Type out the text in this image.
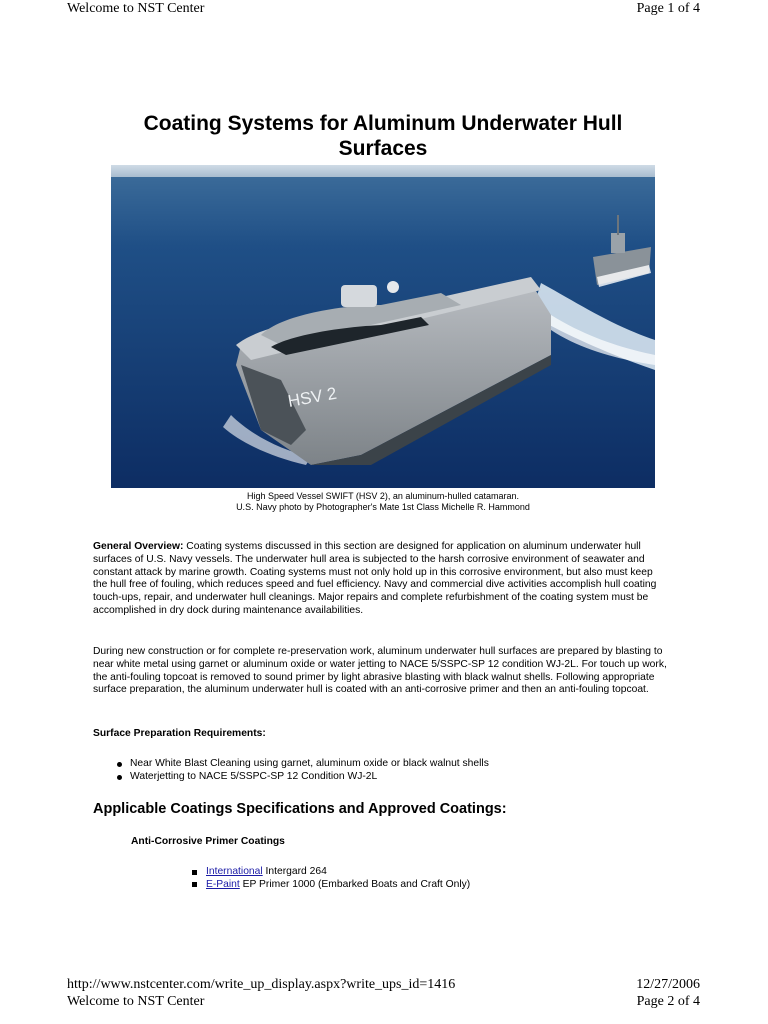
Welcome to NST Center	Page 1 of 4
Coating Systems for Aluminum Underwater Hull Surfaces
HSV 2
High Speed Vessel SWIFT (HSV 2), an aluminum-hulled catamaran.
U.S. Navy photo by Photographer's Mate 1st Class Michelle R. Hammond
General Overview: Coating systems discussed in this section are designed for application on aluminum underwater hull surfaces of U.S. Navy vessels. The underwater hull area is subjected to the harsh corrosive environment of seawater and constant attack by marine growth. Coating systems must not only hold up in this corrosive environment, but also must keep the hull free of fouling, which reduces speed and fuel efficiency. Navy and commercial dive activities accomplish hull coating touch-ups, repair, and underwater hull cleanings. Major repairs and complete refurbishment of the coating system must be accomplished in dry dock during maintenance availabilities.
During new construction or for complete re-preservation work, aluminum underwater hull surfaces are prepared by blasting to near white metal using garnet or aluminum oxide or water jetting to NACE 5/SSPC-SP 12 condition WJ-2L. For touch up work, the anti-fouling topcoat is removed to sound primer by light abrasive blasting with black walnut shells. Following appropriate surface preparation, the aluminum underwater hull is coated with an anti-corrosive primer and then an anti-fouling topcoat.
Surface Preparation Requirements:
Near White Blast Cleaning using garnet, aluminum oxide or black walnut shells
Waterjetting to NACE 5/SSPC-SP 12 Condition WJ-2L
Applicable Coatings Specifications and Approved Coatings:
Anti-Corrosive Primer Coatings
International Intergard 264
E-Paint EP Primer 1000 (Embarked Boats and Craft Only)
http://www.nstcenter.com/write_up_display.aspx?write_ups_id=1416	12/27/2006
Welcome to NST Center	Page 2 of 4
